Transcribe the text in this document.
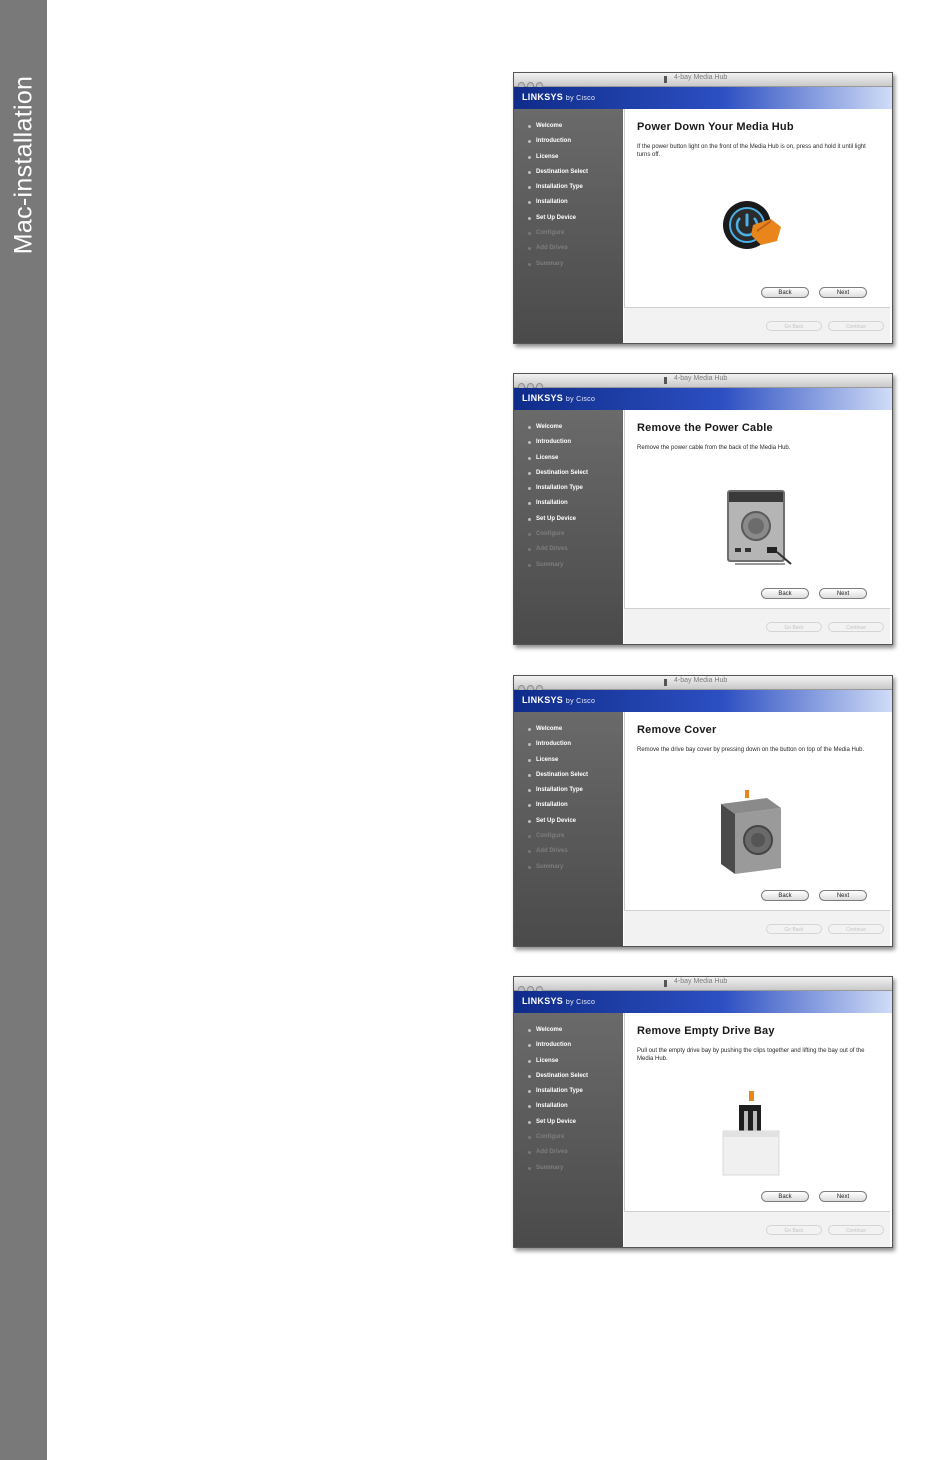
Mac-installation	4-bay Media Hub
LINKSYS by Cisco
Welcome
Introduction
License
Destination Select
Installation Type
Installation
Set Up Device
Configure
Add Drives
Summary
Power Down Your Media Hub
If the power button light on the front of the Media Hub is on, press and hold it until light turns off.
Back	Next
Go Back	Continue
4-bay Media Hub
LINKSYS by Cisco
Welcome
Introduction
License
Destination Select
Installation Type
Installation
Set Up Device
Configure
Add Drives
Summary
Remove the Power Cable
Remove the power cable from the back of the Media Hub.
Back	Next
Go Back	Continue
4-bay Media Hub
LINKSYS by Cisco
Welcome
Introduction
License
Destination Select
Installation Type
Installation
Set Up Device
Configure
Add Drives
Summary
Remove Cover
Remove the drive bay cover by pressing down on the button on top of the Media Hub.
Back	Next
Go Back	Continue
4-bay Media Hub
LINKSYS by Cisco
Welcome
Introduction
License
Destination Select
Installation Type
Installation
Set Up Device
Configure
Add Drives
Summary
Remove Empty Drive Bay
Pull out the empty drive bay by pushing the clips together and lifting the bay out of the Media Hub.
Back	Next
Go Back	Continue
